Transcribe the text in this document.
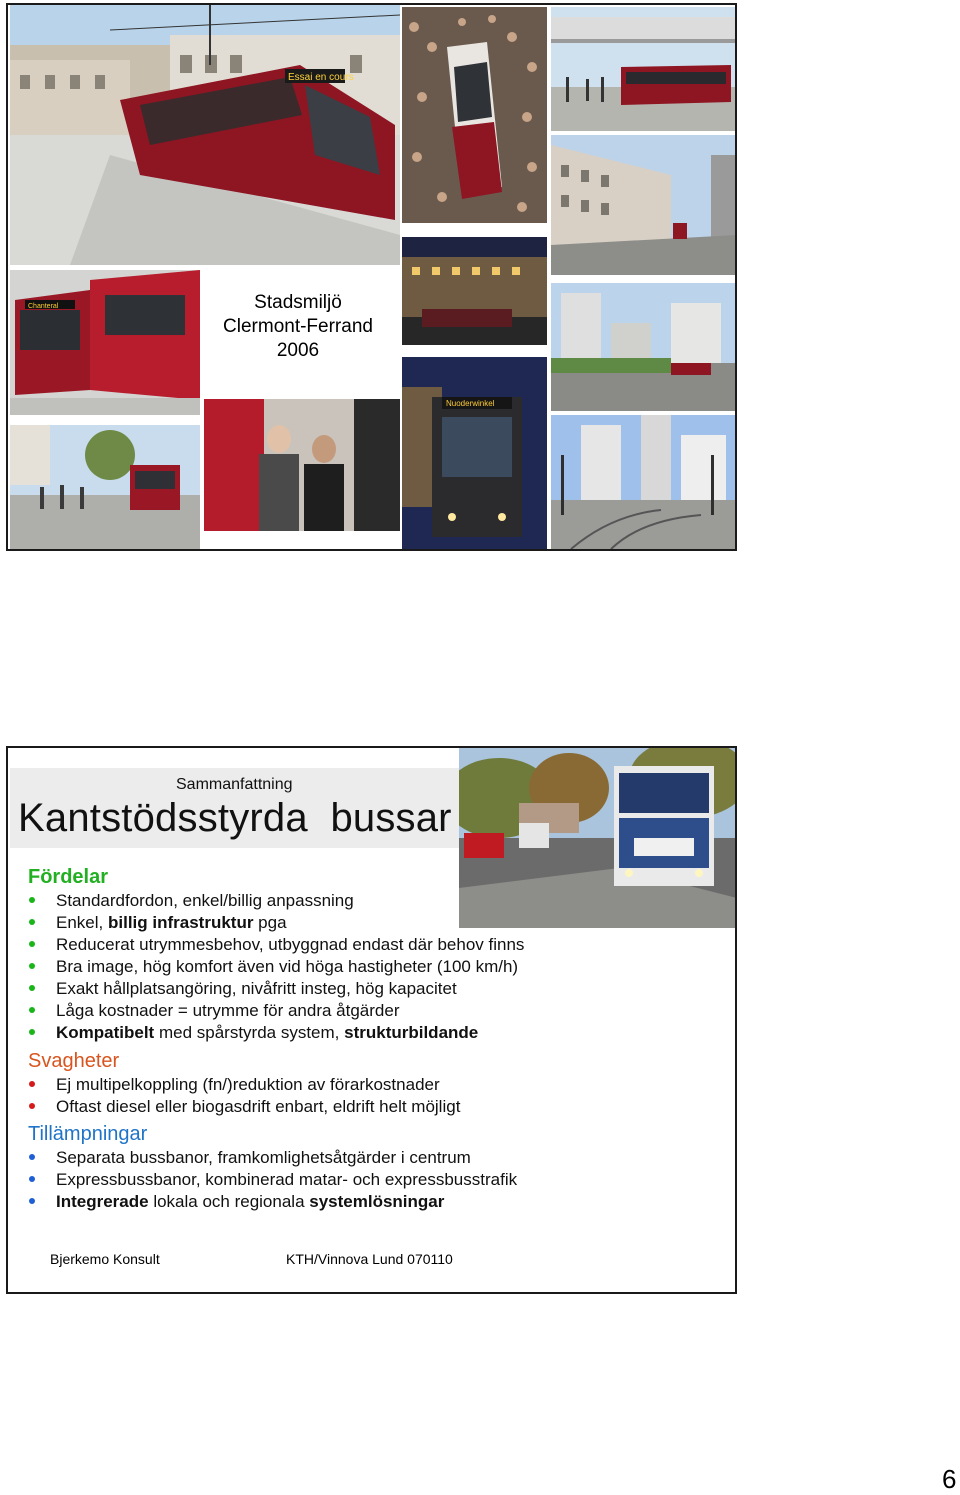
Essai en cours
Stadsmiljö
Clermont-Ferrand
2006
Chanteral
Nuoderwinkel
Sammanfattning
Kantstödsstyrda  bussar
Fördelar
Standardfordon, enkel/billig anpassning
Enkel, billig infrastruktur pga
Reducerat utrymmesbehov, utbyggnad endast där behov finns
Bra image, hög komfort även vid höga hastigheter (100 km/h)
Exakt hållplatsangöring, nivåfritt insteg, hög kapacitet
Låga kostnader = utrymme för andra åtgärder
Kompatibelt med spårstyrda system, strukturbildande
Svagheter
Ej multipelkoppling (fn/)reduktion av förarkostnader
Oftast diesel eller biogasdrift enbart, eldrift helt möjligt
Tillämpningar
Separata bussbanor, framkomlighetsåtgärder i centrum
Expressbussbanor, kombinerad matar- och expressbusstrafik
Integrerade lokala och regionala systemlösningar
Bjerkemo Konsult	KTH/Vinnova Lund 070110
6
